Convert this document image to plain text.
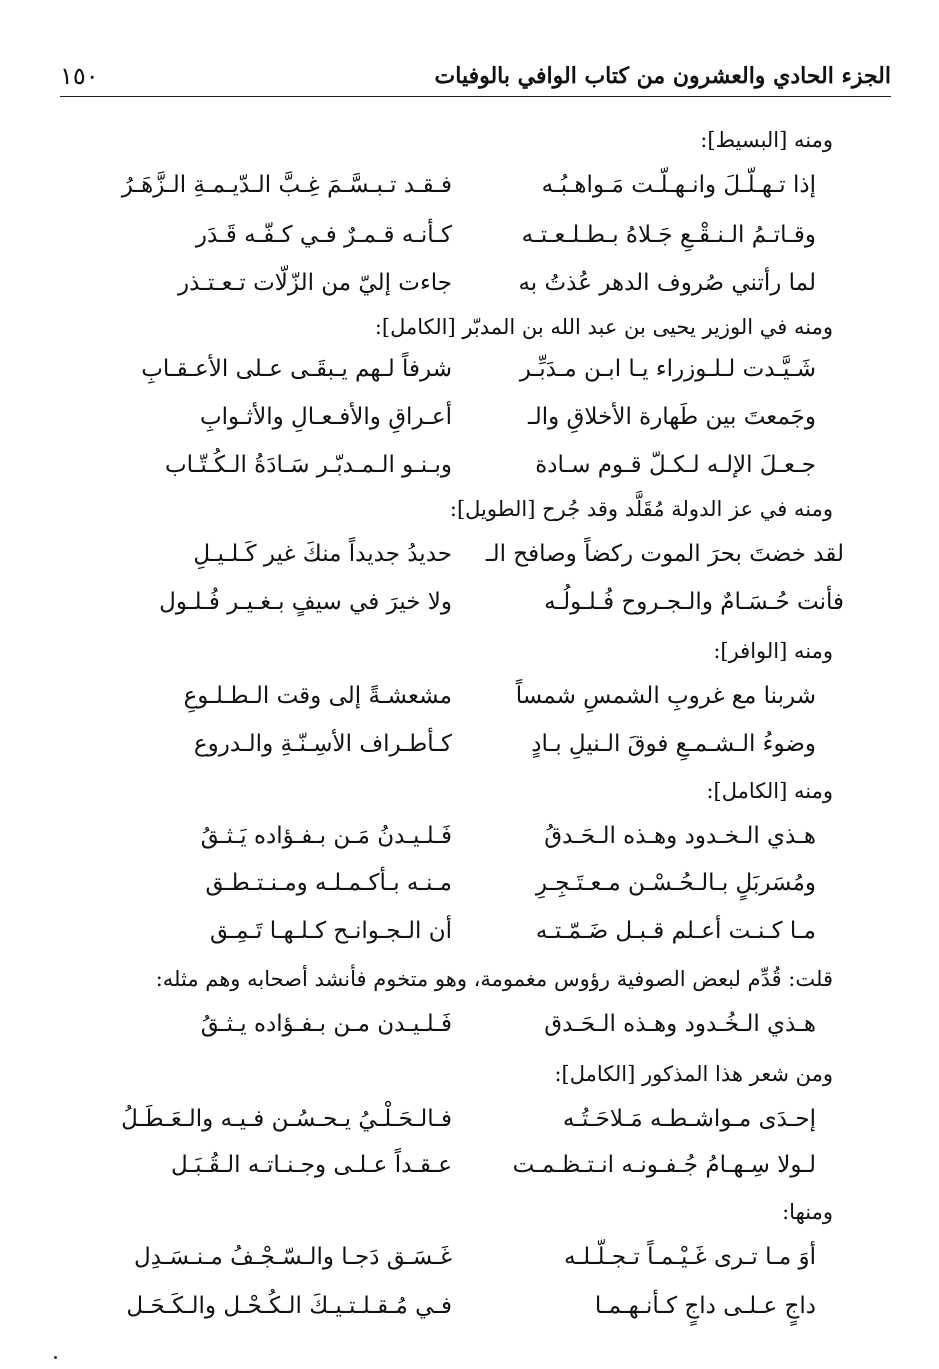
الجزء الحادي والعشرون من كتاب الوافي بالوفيات
١٥٠
ومنه [البسيط]:
إذا تـهـلّـلَ وانـهـلّـت مَـواهـبُـه
فـقـد تـبـسَّـمَ غِـبَّ الـدّيـمـةِ الـزَّهَـرُ
وقـاتـمُ الـنـقْـعِ جَـلاهُ بـطـلـعـتـه
كـأنـه قـمـرٌ فـي كـفّـه قَـدَر
لما رأتني صُروف الدهر عُذتُ به
جاءت إليّ من الزّلّات تـعـتـذر
ومنه في الوزير يحيى بن عبد الله بن المدبّر [الكامل]:
شَـيَّـدت لـلـوزراء يـا ابـن مـدَبِّـر
شرفاً لـهم يـبقَـى عـلى الأعـقـابِ
وجَمعتَ بين طَهارة الأخلاقِ والـ
أعـراقِ والأفـعـالِ والأثـوابِ
جـعـلَ الإلـه لـكـلّ قـوم سـادة
وبـنـو الـمـدبّـر سَـادَةُ الـكُـتّـاب
ومنه في عز الدولة مُقَلَّد وقد جُرح [الطويل]:
لقد خضتَ بحرَ الموت ركضاً وصافح الـ
حديدُ جديداً منكَ غير كَـلـيـلِ
فأنت حُـسَـامٌ والـجـروح فُـلـولُـه
ولا خيرَ في سيفٍ بـغـيـر فُـلـول
ومنه [الوافر]:
شربنا مع غروبِ الشمسِ شمساً
مشعشـةً إلى وقت الـطـلـوعِ
وضوءُ الـشـمـعِ فوقَ الـنيلِ بـادٍ
كـأطـراف الأسِـنّـةِ والـدروع
ومنه [الكامل]:
هـذي الـخـدود وهـذه الـحَـدقُ
فَـلـيـدنُ مَـن بـفـؤاده يَـثـقُ
ومُسَربَلٍ بـالـحُـسْـن مـعـتَـجِـرِ
مـنـه بـأكـمـلـه ومـنـتـطـق
مـا كـنـت أعـلم قـبـل ضَـمّـتـه
أن الـجـوانـح كـلـهـا تَـمِـق
قلت: قُدِّم لبعض الصوفية رؤوس مغمومة، وهو متخوم فأنشد أصحابه وهم مثله:
هـذي الـخُـدود وهـذه الـحَـدق
فَـلـيـدن مـن بـفـؤاده يـثـقُ
ومن شعر هذا المذكور [الكامل]:
إحـدَى مـواشـطـه مَـلاحَـتُـه
فـالـحَـلْـيُ يـحـسُـن فـيـه والـعَـطَـلُ
لـولا سِـهـامُ جُـفـونـه انـتـظـمـت
عـقـداً عـلـى وجـنـاتـه الـقُـبَـل
ومنها:
أوَ مـا تـرى غَـيْـمـاً تـجـلّـلـه
غَـسَـق دَجـا والـسّـجْـفُ مـنـسَـدِل
داجٍ عـلـى داجٍ كـأنـهـمـا
فـي مُـقـلـتـيـكَ الـكُـحْـل والـكَـحَـل
